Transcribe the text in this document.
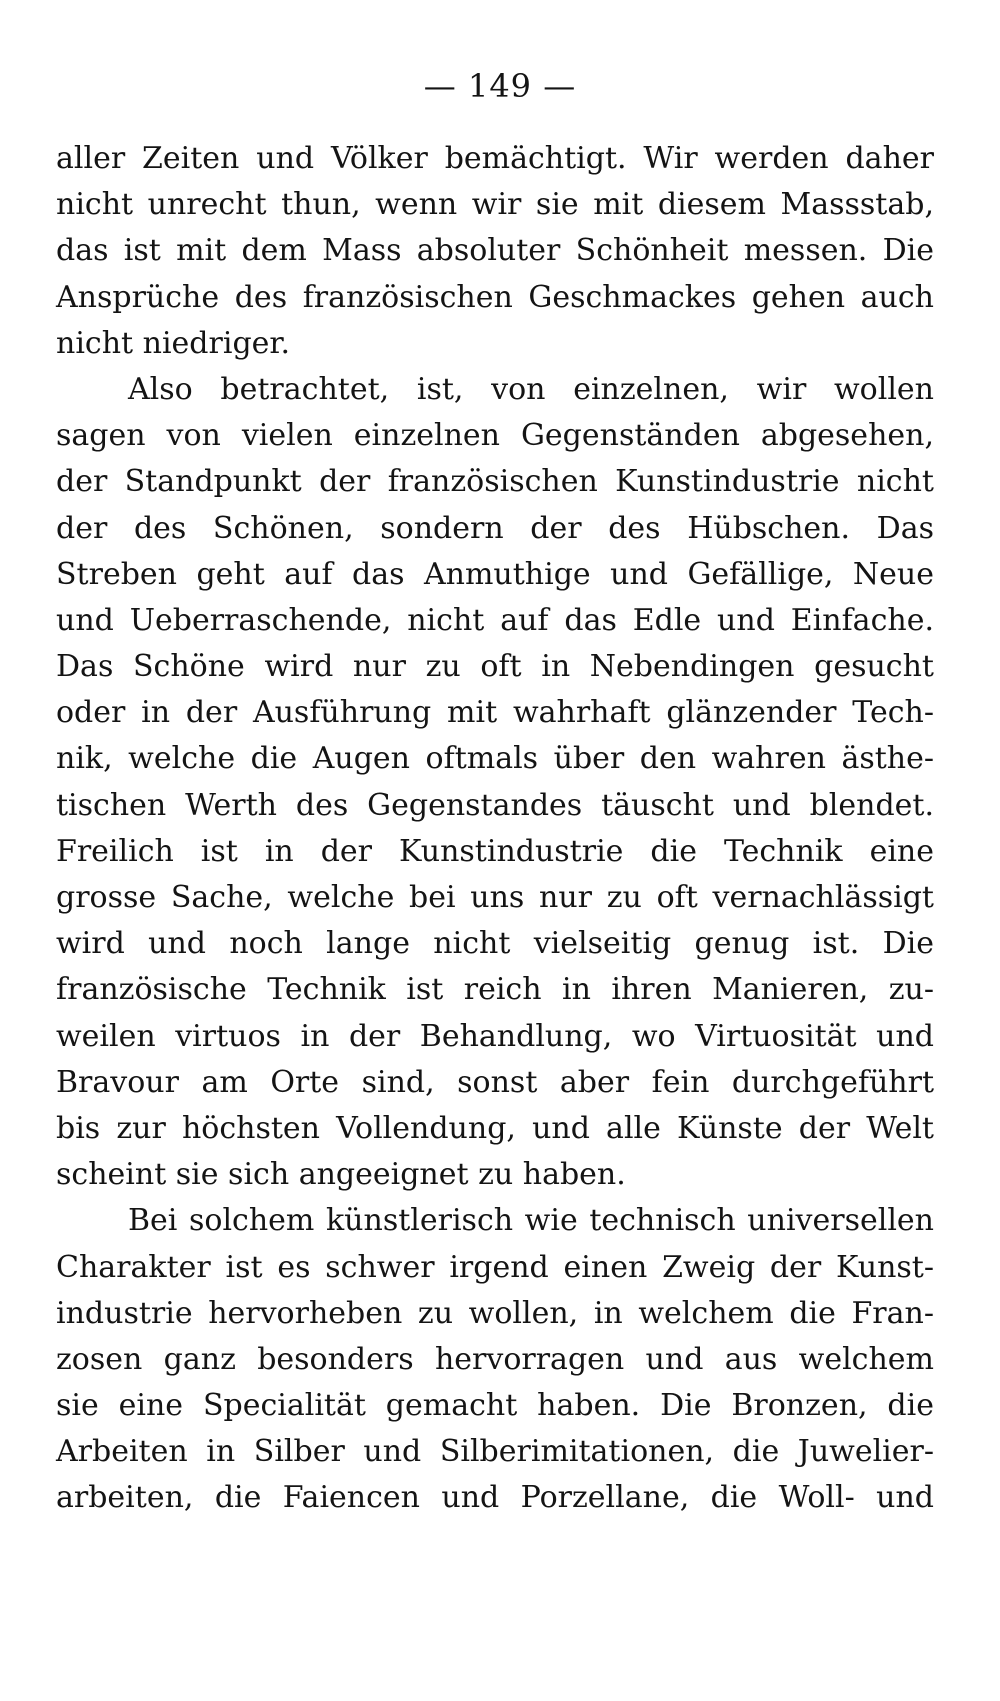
— 149 —
aller Zeiten und Völker bemächtigt. Wir werden daher
nicht unrecht thun, wenn wir sie mit diesem Massstab,
das ist mit dem Mass absoluter Schönheit messen. Die
Ansprüche des französischen Geschmackes gehen auch
nicht niedriger.
Also betrachtet, ist, von einzelnen, wir wollen
sagen von vielen einzelnen Gegenständen abgesehen,
der Standpunkt der französischen Kunstindustrie nicht
der des Schönen, sondern der des Hübschen. Das
Streben geht auf das Anmuthige und Gefällige, Neue
und Ueberraschende, nicht auf das Edle und Einfache.
Das Schöne wird nur zu oft in Nebendingen gesucht
oder in der Ausführung mit wahrhaft glänzender Tech-
nik, welche die Augen oftmals über den wahren ästhe-
tischen Werth des Gegenstandes täuscht und blendet.
Freilich ist in der Kunstindustrie die Technik eine
grosse Sache, welche bei uns nur zu oft vernachlässigt
wird und noch lange nicht vielseitig genug ist. Die
französische Technik ist reich in ihren Manieren, zu-
weilen virtuos in der Behandlung, wo Virtuosität und
Bravour am Orte sind, sonst aber fein durchgeführt
bis zur höchsten Vollendung, und alle Künste der Welt
scheint sie sich angeeignet zu haben.
Bei solchem künstlerisch wie technisch universellen
Charakter ist es schwer irgend einen Zweig der Kunst-
industrie hervorheben zu wollen, in welchem die Fran-
zosen ganz besonders hervorragen und aus welchem
sie eine Specialität gemacht haben. Die Bronzen, die
Arbeiten in Silber und Silberimitationen, die Juwelier-
arbeiten, die Faiencen und Porzellane, die Woll- und
